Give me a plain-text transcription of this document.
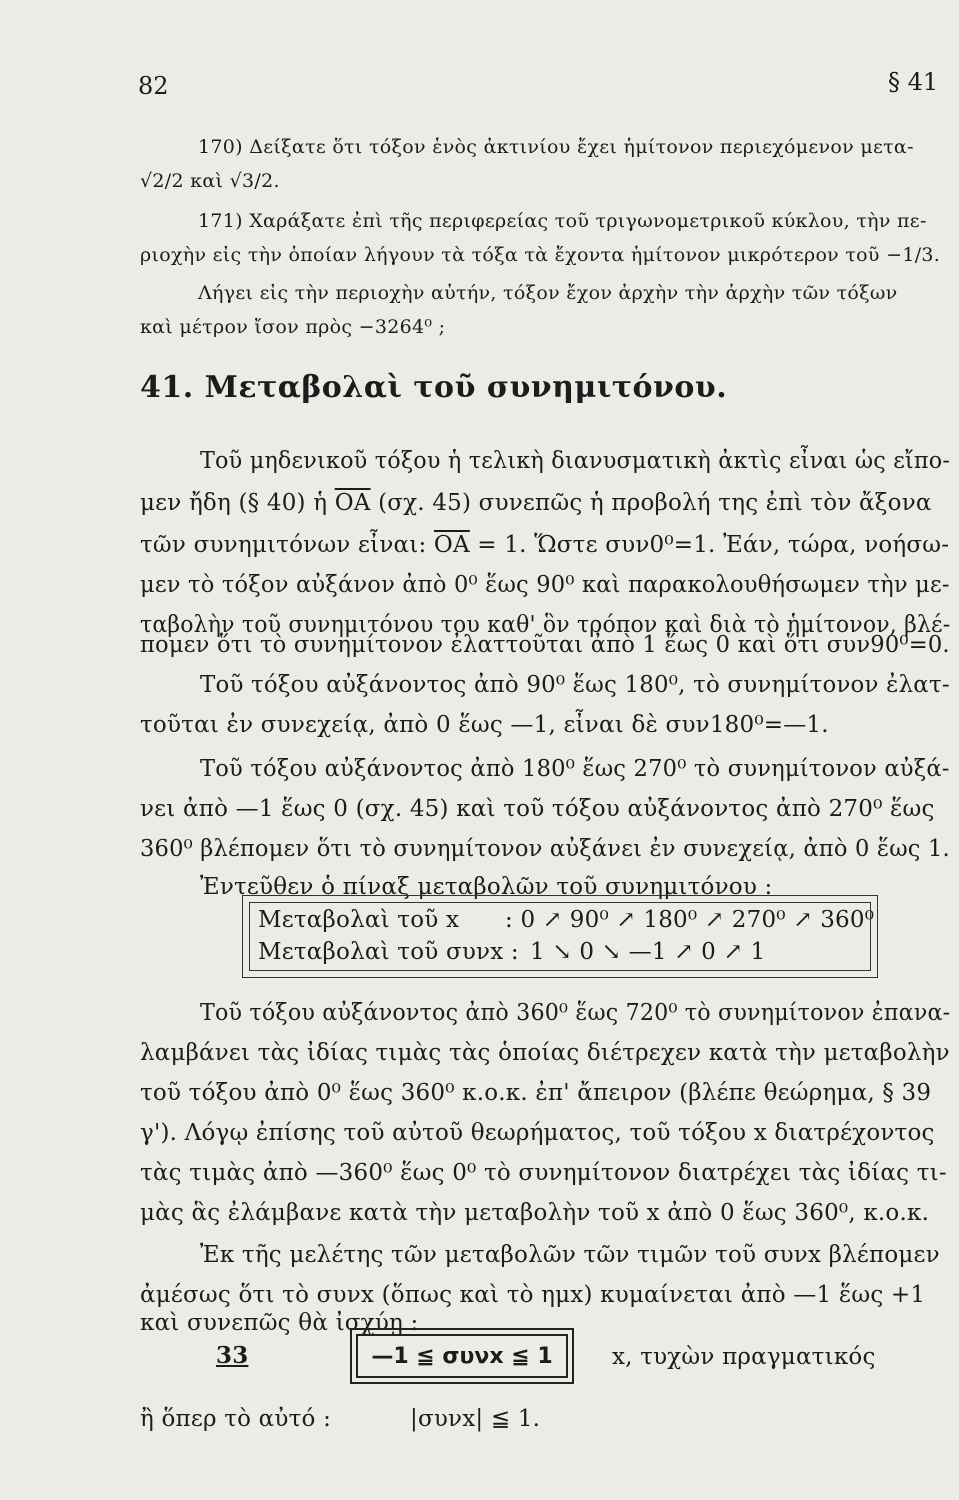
82	§ 41
170) Δείξατε ὅτι τόξον ἑνὸς ἀκτινίου ἔχει ἡμίτονον περιεχόμενον μετα-
√2/2 καὶ √3/2.
171) Χαράξατε ἐπὶ τῆς περιφερείας τοῦ τριγωνομετρικοῦ κύκλου, τὴν πε-
ριοχὴν εἰς τὴν ὁποίαν λήγουν τὰ τόξα τὰ ἔχοντα ἡμίτονον μικρότερον τοῦ −1/3.
Λήγει εἰς τὴν περιοχὴν αὐτήν, τόξον ἔχον ἀρχὴν τὴν ἀρχὴν τῶν τόξων
καὶ μέτρον ἴσον πρὸς −3264⁰ ;
41. Μεταβολαὶ τοῦ συνημιτόνου.
Τοῦ μηδενικοῦ τόξου ἡ τελικὴ διανυσματικὴ ἀκτὶς εἶναι ὡς εἴπο-
μεν ἤδη (§ 40) ἡ $\overline{OA}$ (σχ. 45) συνεπῶς ἡ προβολή της ἐπὶ τὸν ἄξονα
τῶν συνημιτόνων εἶναι: $\overline{OA} = 1$. Ὥστε συν0⁰=1. Ἐάν, τώρα, νοήσω-
μεν τὸ τόξον αὐξάνον ἀπὸ 0⁰ ἕως 90⁰ καὶ παρακολουθήσωμεν τὴν με-
ταβολὴν τοῦ συνημιτόνου του καθ' ὃν τρόπον καὶ διὰ τὸ ἡμίτονον, βλέ-
πομεν ὅτι τὸ συνημίτονον ἐλαττοῦται ἀπὸ 1 ἕως 0 καὶ ὅτι συν90⁰=0.
Τοῦ τόξου αὐξάνοντος ἀπὸ 90⁰ ἕως 180⁰, τὸ συνημίτονον ἐλατ-
τοῦται ἐν συνεχείᾳ, ἀπὸ 0 ἕως —1, εἶναι δὲ συν180⁰=—1.
Τοῦ τόξου αὐξάνοντος ἀπὸ 180⁰ ἕως 270⁰ τὸ συνημίτονον αὐξά-
νει ἀπὸ —1 ἕως 0 (σχ. 45) καὶ τοῦ τόξου αὐξάνοντος ἀπὸ 270⁰ ἕως
360⁰ βλέπομεν ὅτι τὸ συνημίτονον αὐξάνει ἐν συνεχείᾳ, ἀπὸ 0 ἕως 1.
Ἐντεῦθεν ὁ πίναξ μεταβολῶν τοῦ συνημιτόνου :
Μεταβολαὶ τοῦ x : 0 ↗ 90⁰ ↗ 180⁰ ↗ 270⁰ ↗ 360⁰
Μεταβολαὶ τοῦ συνx : 1 ↘ 0 ↘ —1 ↗ 0 ↗ 1
Τοῦ τόξου αὐξάνοντος ἀπὸ 360⁰ ἕως 720⁰ τὸ συνημίτονον ἐπανα-
λαμβάνει τὰς ἰδίας τιμὰς τὰς ὁποίας διέτρεχεν κατὰ τὴν μεταβολὴν
τοῦ τόξου ἀπὸ 0⁰ ἕως 360⁰ κ.ο.κ. ἐπ' ἄπειρον (βλέπε θεώρημα, § 39
γ'). Λόγῳ ἐπίσης τοῦ αὐτοῦ θεωρήματος, τοῦ τόξου x διατρέχοντος
τὰς τιμὰς ἀπὸ —360⁰ ἕως 0⁰ τὸ συνημίτονον διατρέχει τὰς ἰδίας τι-
μὰς ἃς ἐλάμβανε κατὰ τὴν μεταβολὴν τοῦ x ἀπὸ 0 ἕως 360⁰, κ.ο.κ.
Ἐκ τῆς μελέτης τῶν μεταβολῶν τῶν τιμῶν τοῦ συνx βλέπομεν
ἀμέσως ὅτι τὸ συνx (ὅπως καὶ τὸ ημx) κυμαίνεται ἀπὸ —1 ἕως +1
καὶ συνεπῶς θὰ ἰσχύῃ :
33	—1 ≦ συνx ≦ 1	x, τυχὼν πραγματικός
ἢ ὅπερ τὸ αὐτό :	|συνx| ≦ 1.
